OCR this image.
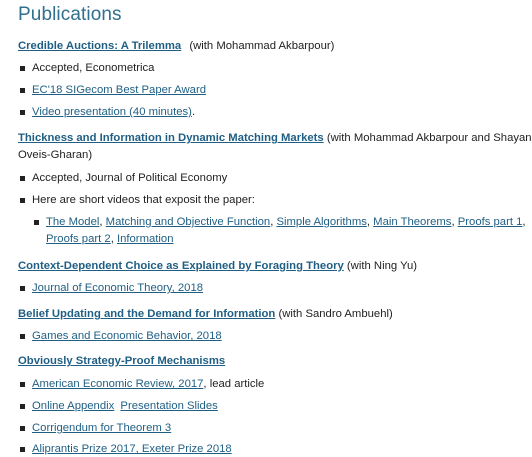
Publications
Credible Auctions: A Trilemma (with Mohammad Akbarpour)
Accepted, Econometrica
EC'18 SIGecom Best Paper Award
Video presentation (40 minutes).
Thickness and Information in Dynamic Matching Markets (with Mohammad Akbarpour and Shayan
Oveis-Gharan)
Accepted, Journal of Political Economy
Here are short videos that exposit the paper:
The Model, Matching and Objective Function, Simple Algorithms, Main Theorems, Proofs part 1,
Proofs part 2, Information
Context-Dependent Choice as Explained by Foraging Theory (with Ning Yu)
Journal of Economic Theory, 2018
Belief Updating and the Demand for Information (with Sandro Ambuehl)
Games and Economic Behavior, 2018
Obviously Strategy-Proof Mechanisms
American Economic Review, 2017, lead article
Online Appendix Presentation Slides
Corrigendum for Theorem 3
Aliprantis Prize 2017, Exeter Prize 2018
